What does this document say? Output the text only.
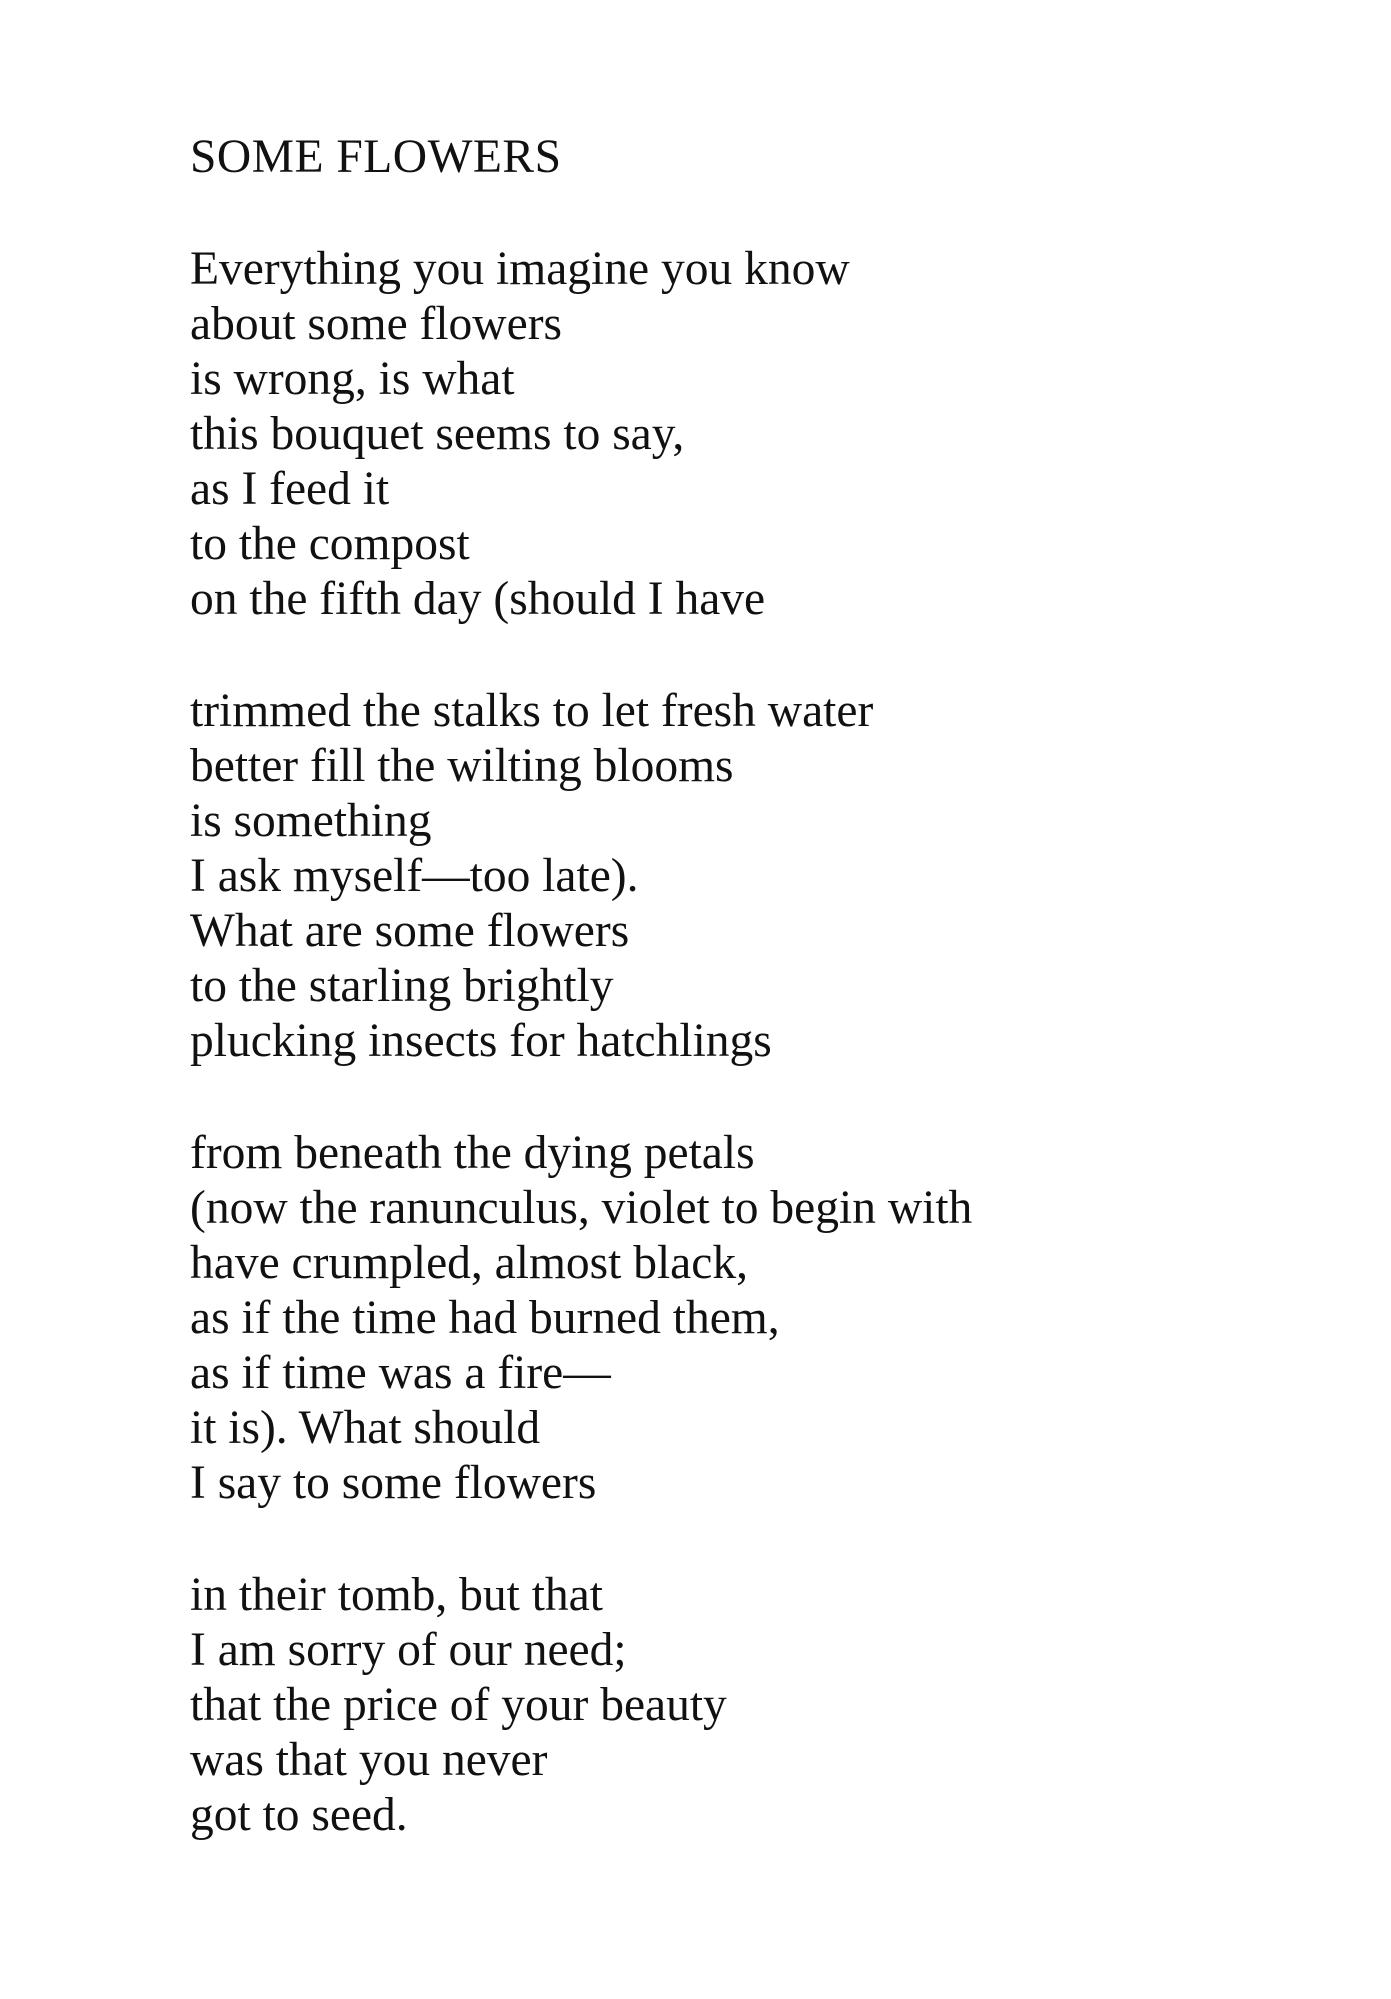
SOME FLOWERS
Everything you imagine you know
about some flowers
is wrong, is what
this bouquet seems to say,
as I feed it
to the compost
on the fifth day (should I have
trimmed the stalks to let fresh water
better fill the wilting blooms
is something
I ask myself—too late).
What are some flowers
to the starling brightly
plucking insects for hatchlings
from beneath the dying petals
(now the ranunculus, violet to begin with
have crumpled, almost black,
as if the time had burned them,
as if time was a fire—
it is). What should
I say to some flowers
in their tomb, but that
I am sorry of our need;
that the price of your beauty
was that you never
got to seed.
